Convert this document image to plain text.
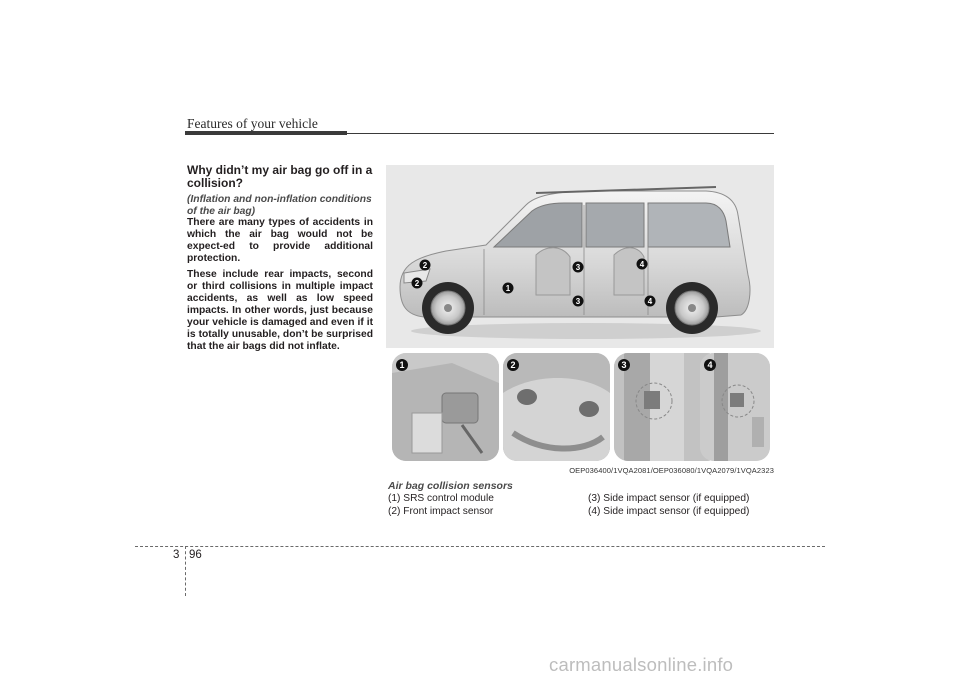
Features of your vehicle
Why didn’t my air bag go off in a collision?
(Inflation and non-inflation conditions of the air bag)

There are many types of accidents in which the air bag would not be expect-ed to provide additional protection.

These include rear impacts, second or third collisions in multiple impact accidents, as well as low speed impacts. In other words, just because your vehicle is damaged and even if it is totally unusable, don’t be surprised that the air bags did not inflate.

2
2
1
3
3
4
4
1	2	3	4
OEP036400/1VQA2081/OEP036080/1VQA2079/1VQA2323
Air bag collision sensors
(1) SRS control module
(2) Front impact sensor
(3) Side impact sensor (if equipped)
(4) Side impact sensor (if equipped)
3 96
carmanualsonline.info
